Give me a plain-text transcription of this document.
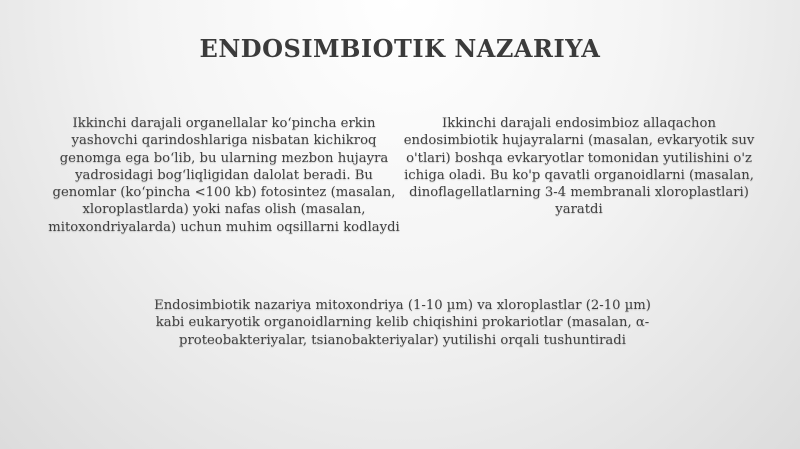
ENDOSIMBIOTIK NAZARIYA
Ikkinchi darajali organellalar koʻpincha erkin yashovchi qarindoshlariga nisbatan kichikroq genomga ega boʻlib, bu ularning mezbon hujayra yadrosidagi bogʻliqligidan dalolat beradi. Bu genomlar (koʻpincha <100 kb) fotosintez (masalan, xloroplastlarda) yoki nafas olish (masalan, mitoxondriyalarda) uchun muhim oqsillarni kodlaydi
Ikkinchi darajali endosimbioz allaqachon endosimbiotik hujayralarni (masalan, evkaryotik suv o'tlari) boshqa evkaryotlar tomonidan yutilishini o'z ichiga oladi. Bu ko'p qavatli organoidlarni (masalan, dinoflagellatlarning 3-4 membranali xloroplastlari) yaratdi
Endosimbiotik nazariya mitoxondriya (1-10 µm) va xloroplastlar (2-10 µm) kabi eukaryotik organoidlarning kelib chiqishini prokariotlar (masalan, α-proteobakteriyalar, tsianobakteriyalar) yutilishi orqali tushuntiradi
